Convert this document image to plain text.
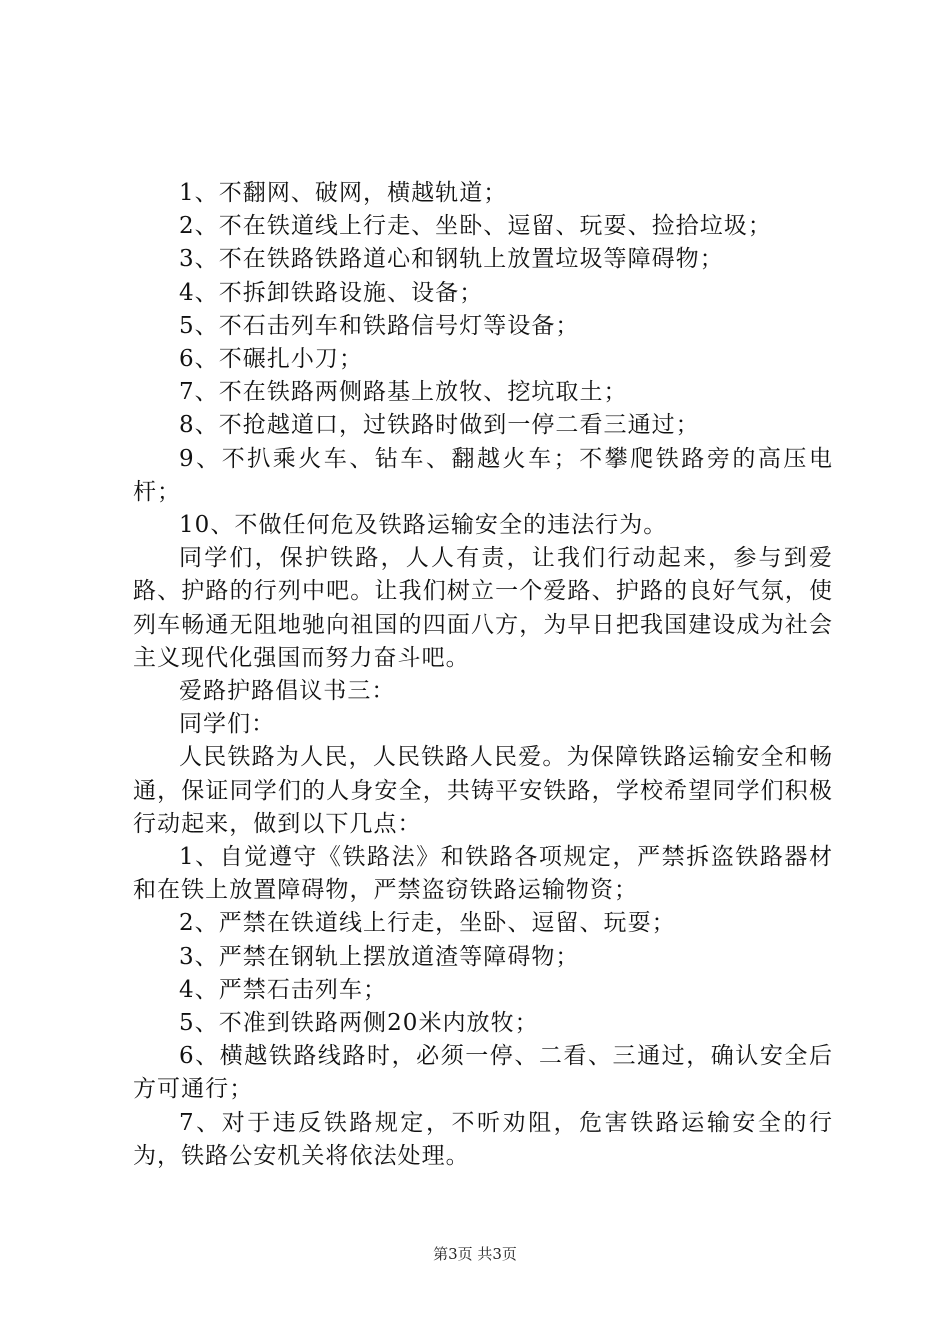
1、不翻网、破网，横越轨道；

2、不在铁道线上行走、坐卧、逗留、玩耍、捡拾垃圾；

3、不在铁路铁路道心和钢轨上放置垃圾等障碍物；

4、不拆卸铁路设施、设备；

5、不石击列车和铁路信号灯等设备；

6、不碾扎小刀；

7、不在铁路两侧路基上放牧、挖坑取土；

8、不抢越道口，过铁路时做到一停二看三通过；

9、不扒乘火车、钻车、翻越火车；不攀爬铁路旁的高压电杆；

10、不做任何危及铁路运输安全的违法行为。

同学们，保护铁路，人人有责，让我们行动起来，参与到爱路、护路的行列中吧。让我们树立一个爱路、护路的良好气氛，使列车畅通无阻地驰向祖国的四面八方，为早日把我国建设成为社会主义现代化强国而努力奋斗吧。

爱路护路倡议书三：

同学们：

人民铁路为人民，人民铁路人民爱。为保障铁路运输安全和畅通，保证同学们的人身安全，共铸平安铁路，学校希望同学们积极行动起来，做到以下几点：

1、自觉遵守《铁路法》和铁路各项规定，严禁拆盗铁路器材和在铁上放置障碍物，严禁盗窃铁路运输物资；

2、严禁在铁道线上行走，坐卧、逗留、玩耍；

3、严禁在钢轨上摆放道渣等障碍物；

4、严禁石击列车；

5、不准到铁路两侧20米内放牧；

6、横越铁路线路时，必须一停、二看、三通过，确认安全后方可通行；

7、对于违反铁路规定，不听劝阻，危害铁路运输安全的行为，铁路公安机关将依法处理。

第3页 共3页
